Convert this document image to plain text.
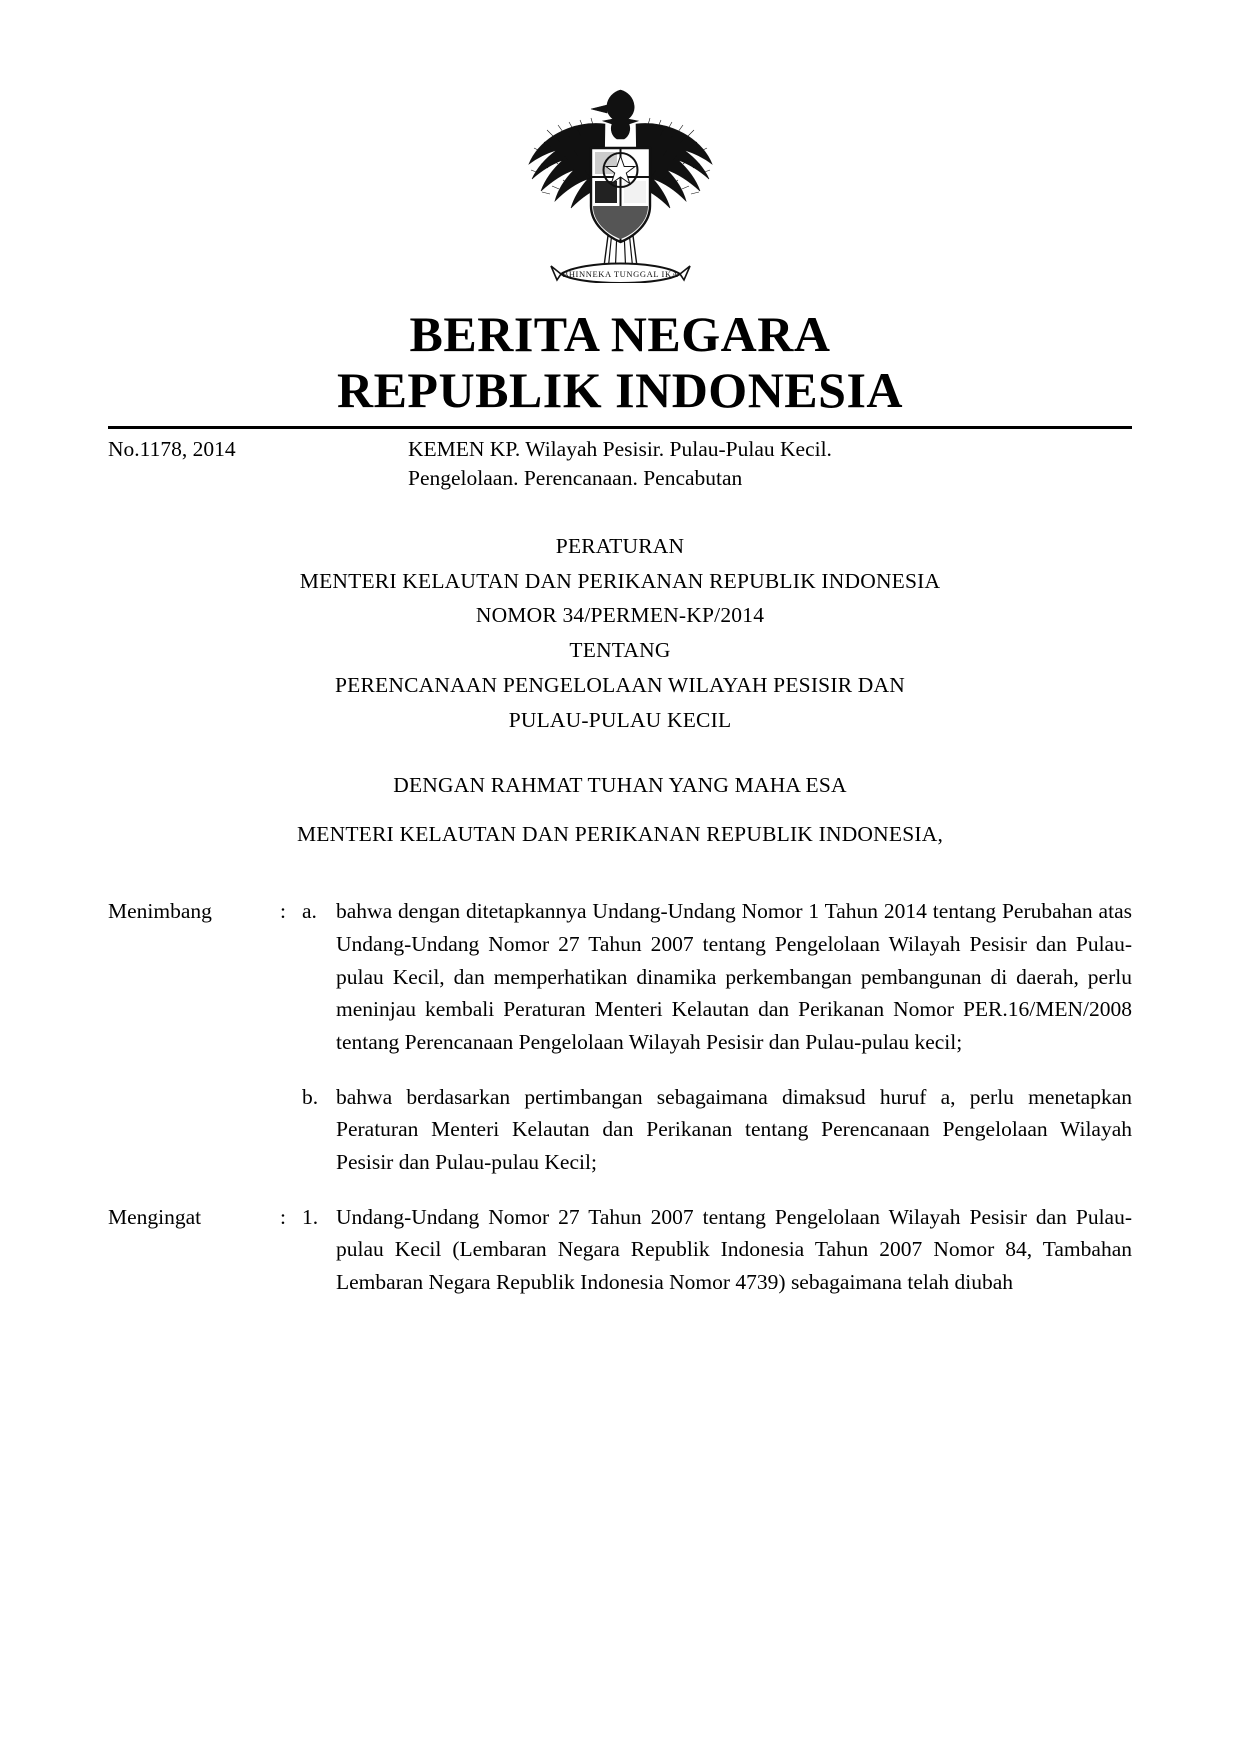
BHINNEKA TUNGGAL IKA
BERITA NEGARA
REPUBLIK INDONESIA
No.1178, 2014	KEMEN KP. Wilayah Pesisir. Pulau-Pulau Kecil.
Pengelolaan. Perencanaan. Pencabutan
PERATURAN
MENTERI KELAUTAN DAN PERIKANAN REPUBLIK INDONESIA
NOMOR 34/PERMEN-KP/2014
TENTANG
PERENCANAAN PENGELOLAAN WILAYAH PESISIR DAN
PULAU-PULAU KECIL
DENGAN RAHMAT TUHAN YANG MAHA ESA
MENTERI KELAUTAN DAN PERIKANAN REPUBLIK INDONESIA,
Menimbang	: a. bahwa dengan ditetapkannya Undang-Undang Nomor 1 Tahun 2014 tentang Perubahan atas Undang-Undang Nomor 27 Tahun 2007 tentang Pengelolaan Wilayah Pesisir dan Pulau-pulau Kecil, dan memperhatikan dinamika perkembangan pembangunan di daerah, perlu meninjau kembali Peraturan Menteri Kelautan dan Perikanan Nomor PER.16/MEN/2008 tentang Perencanaan Pengelolaan Wilayah Pesisir dan Pulau-pulau kecil;
b. bahwa berdasarkan pertimbangan sebagaimana dimaksud huruf a, perlu menetapkan Peraturan Menteri Kelautan dan Perikanan tentang Perencanaan Pengelolaan Wilayah Pesisir dan Pulau-pulau Kecil;
Mengingat	: 1. Undang-Undang Nomor 27 Tahun 2007 tentang Pengelolaan Wilayah Pesisir dan Pulau-pulau Kecil (Lembaran Negara Republik Indonesia Tahun 2007 Nomor 84, Tambahan Lembaran Negara Republik Indonesia Nomor 4739) sebagaimana telah diubah
